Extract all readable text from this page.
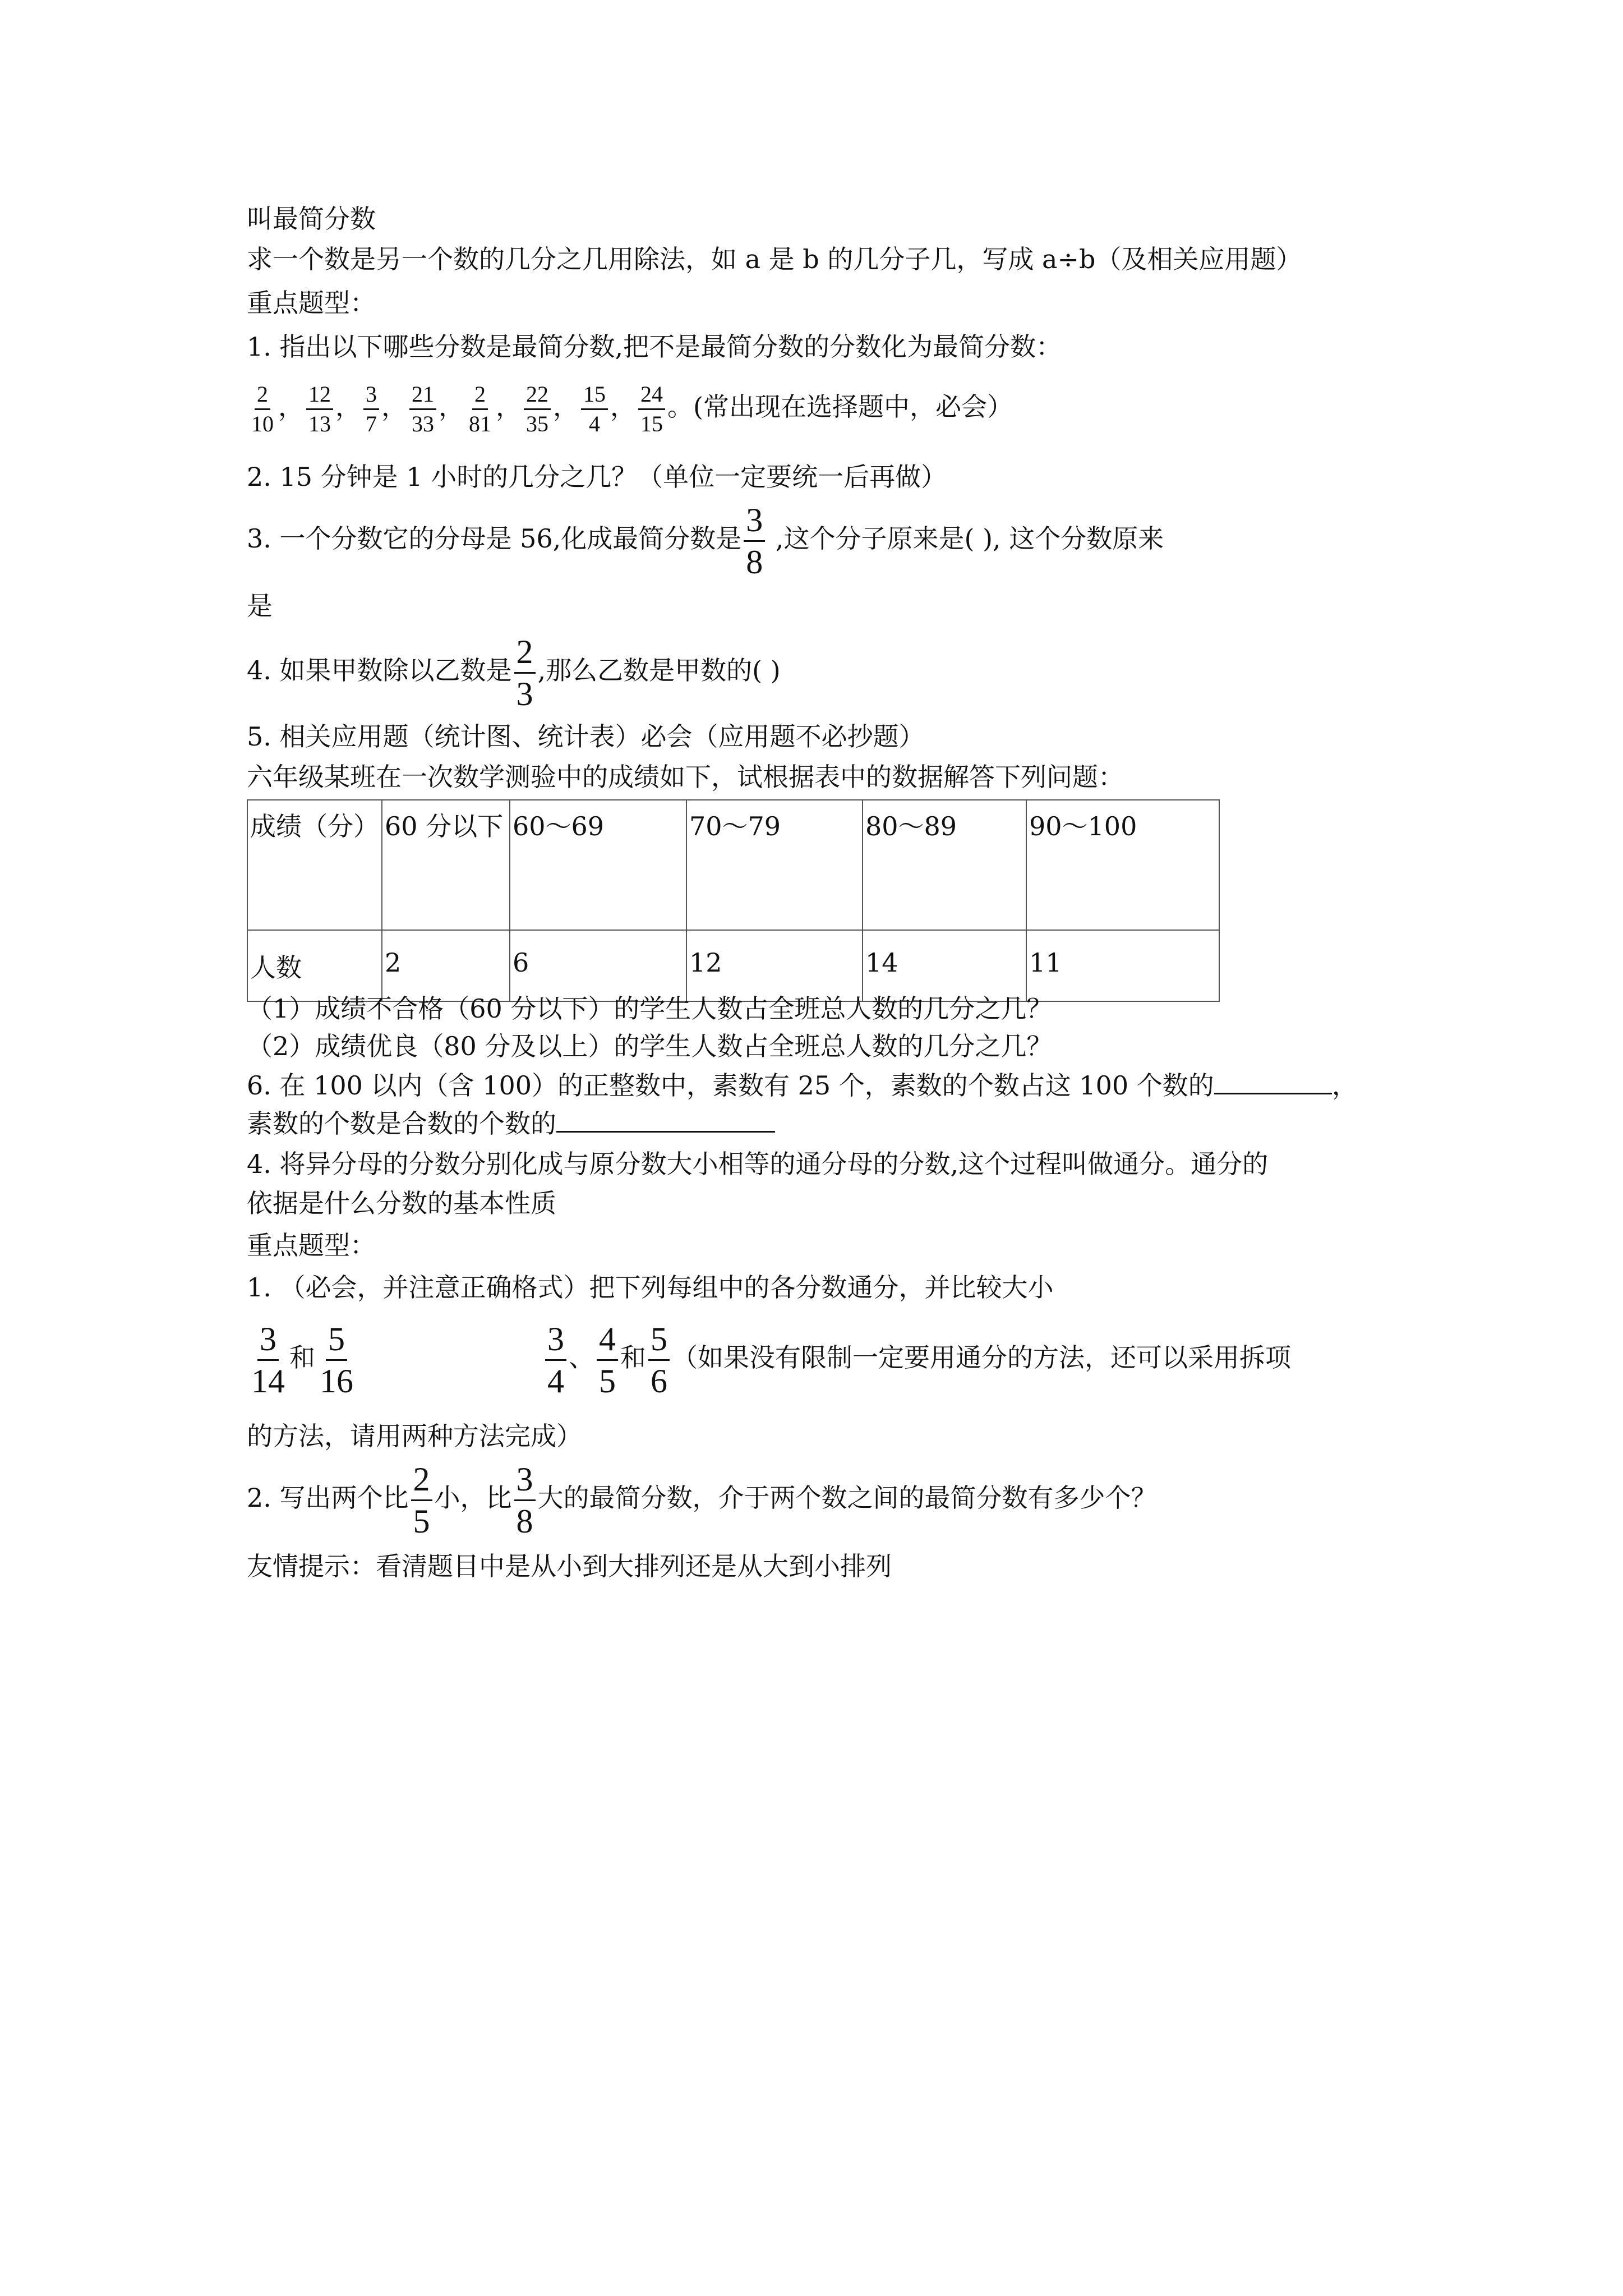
叫最简分数
求一个数是另一个数的几分之几用除法，如 a 是 b 的几分子几，写成 a÷b（及相关应用题）
重点题型：
1. 指出以下哪些分数是最简分数,把不是最简分数的分数化为最简分数：
$\frac{2}{10}$ ， $\frac{12}{13}$ ， $\frac{3}{7}$ ， $\frac{21}{33}$ ， $\frac{2}{81}$ ， $\frac{22}{35}$ ， $\frac{15}{4}$ ， $\frac{24}{15}$ 。(常出现在选择题中，必会）
2. 15 分钟是 1 小时的几分之几？（单位一定要统一后再做）
3. 一个分数它的分母是 56,化成最简分数是 $\frac{3}{8}$ ,这个分子原来是( ), 这个分数原来
是
4. 如果甲数除以乙数是 $\frac{2}{3}$ ,那么乙数是甲数的( )
5. 相关应用题（统计图、统计表）必会（应用题不必抄题）
六年级某班在一次数学测验中的成绩如下，试根据表中的数据解答下列问题：
成绩（分）	60 分以下	60～69	70～79	80～89	90～100
人数	2	6	12	14	11
（1）成绩不合格（60 分以下）的学生人数占全班总人数的几分之几？
（2）成绩优良（80 分及以上）的学生人数占全班总人数的几分之几？
6. 在 100 以内（含 100）的正整数中，素数有 25 个，素数的个数占这 100 个数的	，
素数的个数是合数的个数的
4. 将异分母的分数分别化成与原分数大小相等的通分母的分数,这个过程叫做通分。通分的
依据是什么分数的基本性质
重点题型：
1. （必会，并注意正确格式）把下列每组中的各分数通分，并比较大小
$\frac{3}{14}$ 和 $\frac{5}{16}$	$\frac{3}{4}$ 、 $\frac{4}{5}$ 和 $\frac{5}{6}$ （如果没有限制一定要用通分的方法，还可以采用拆项
的方法，请用两种方法完成）
2. 写出两个比 $\frac{2}{5}$ 小，比 $\frac{3}{8}$ 大的最简分数，介于两个数之间的最简分数有多少个？
友情提示：看清题目中是从小到大排列还是从大到小排列
